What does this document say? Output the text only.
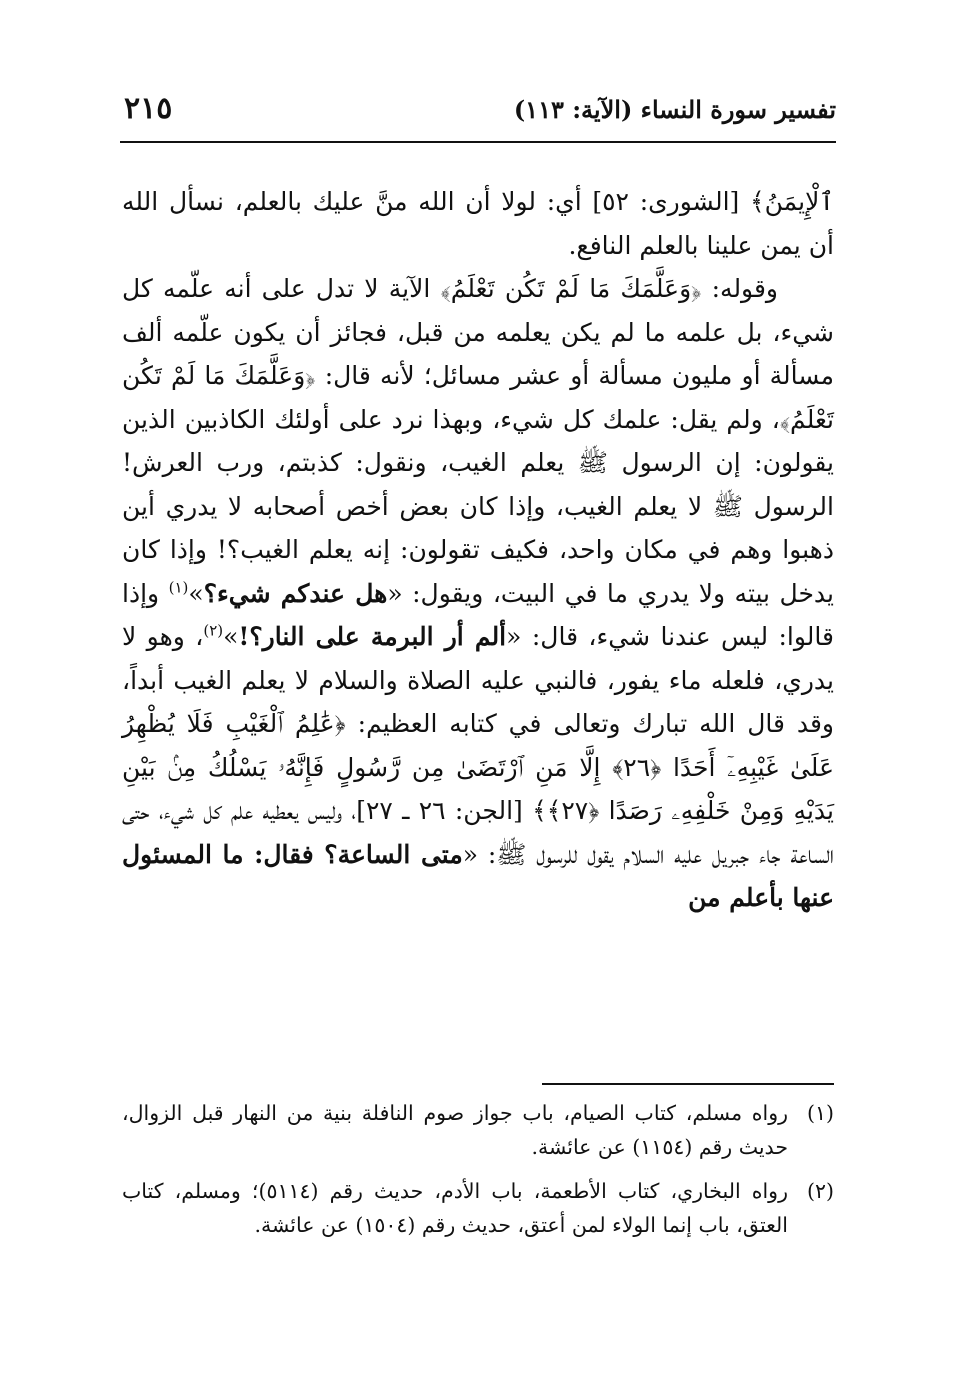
تفسير سورة النساء (الآية: ١١٣)
٢١٥

ٱلْإِيمَنُ﴾ [الشورى: ٥٢] أي: لولا أن الله منَّ عليك بالعلم، نسأل الله أن يمن علينا بالعلم النافع.

وقوله: ﴿وَعَلَّمَكَ مَا لَمْ تَكُن تَعْلَمُ﴾ الآية لا تدل على أنه علّمه كل شيء، بل علمه ما لم يكن يعلمه من قبل، فجائز أن يكون علّمه ألف مسألة أو مليون مسألة أو عشر مسائل؛ لأنه قال: ﴿وَعَلَّمَكَ مَا لَمْ تَكُن تَعْلَمُ﴾، ولم يقل: علمك كل شيء، وبهذا نرد على أولئك الكاذبين الذين يقولون: إن الرسول ﷺ يعلم الغيب، ونقول: كذبتم، ورب العرش! الرسول ﷺ لا يعلم الغيب، وإذا كان بعض أخص أصحابه لا يدري أين ذهبوا وهم في مكان واحد، فكيف تقولون: إنه يعلم الغيب؟! وإذا كان يدخل بيته ولا يدري ما في البيت، ويقول: «هل عندكم شيء؟»$^{(١)}$ وإذا قالوا: ليس عندنا شيء، قال: «ألم أر البرمة على النار؟!»$^{(٢)}$، وهو لا يدري، فلعله ماء يفور، فالنبي عليه الصلاة والسلام لا يعلم الغيب أبداً، وقد قال الله تبارك وتعالى في كتابه العظيم: ﴿عَٰلِمُ ٱلْغَيْبِ فَلَا يُظْهِرُ عَلَىٰ غَيْبِهِۦٓ أَحَدًا ﴿٢٦﴾ إِلَّا مَنِ ٱرْتَضَىٰ مِن رَّسُولٍ فَإِنَّهُۥ يَسْلُكُ مِنۢ بَيْنِ يَدَيْهِ وَمِنْ خَلْفِهِۦ رَصَدًا ﴿٢٧﴾﴾ [الجن: ٢٦ ـ ٢٧]، وليس يعطيه علم كل شيء، حتى الساعة جاء جبريل عليه السلام يقول للرسول ﷺ: «متى الساعة؟ فقال: ما المسئول عنها بأعلم من

(١)
رواه مسلم، كتاب الصيام، باب جواز صوم النافلة بنية من النهار قبل الزوال، حديث رقم (١١٥٤) عن عائشة.
(٢)
رواه البخاري، كتاب الأطعمة، باب الأدم، حديث رقم (٥١١٤)؛ ومسلم، كتاب العتق، باب إنما الولاء لمن أعتق، حديث رقم (١٥٠٤) عن عائشة.
